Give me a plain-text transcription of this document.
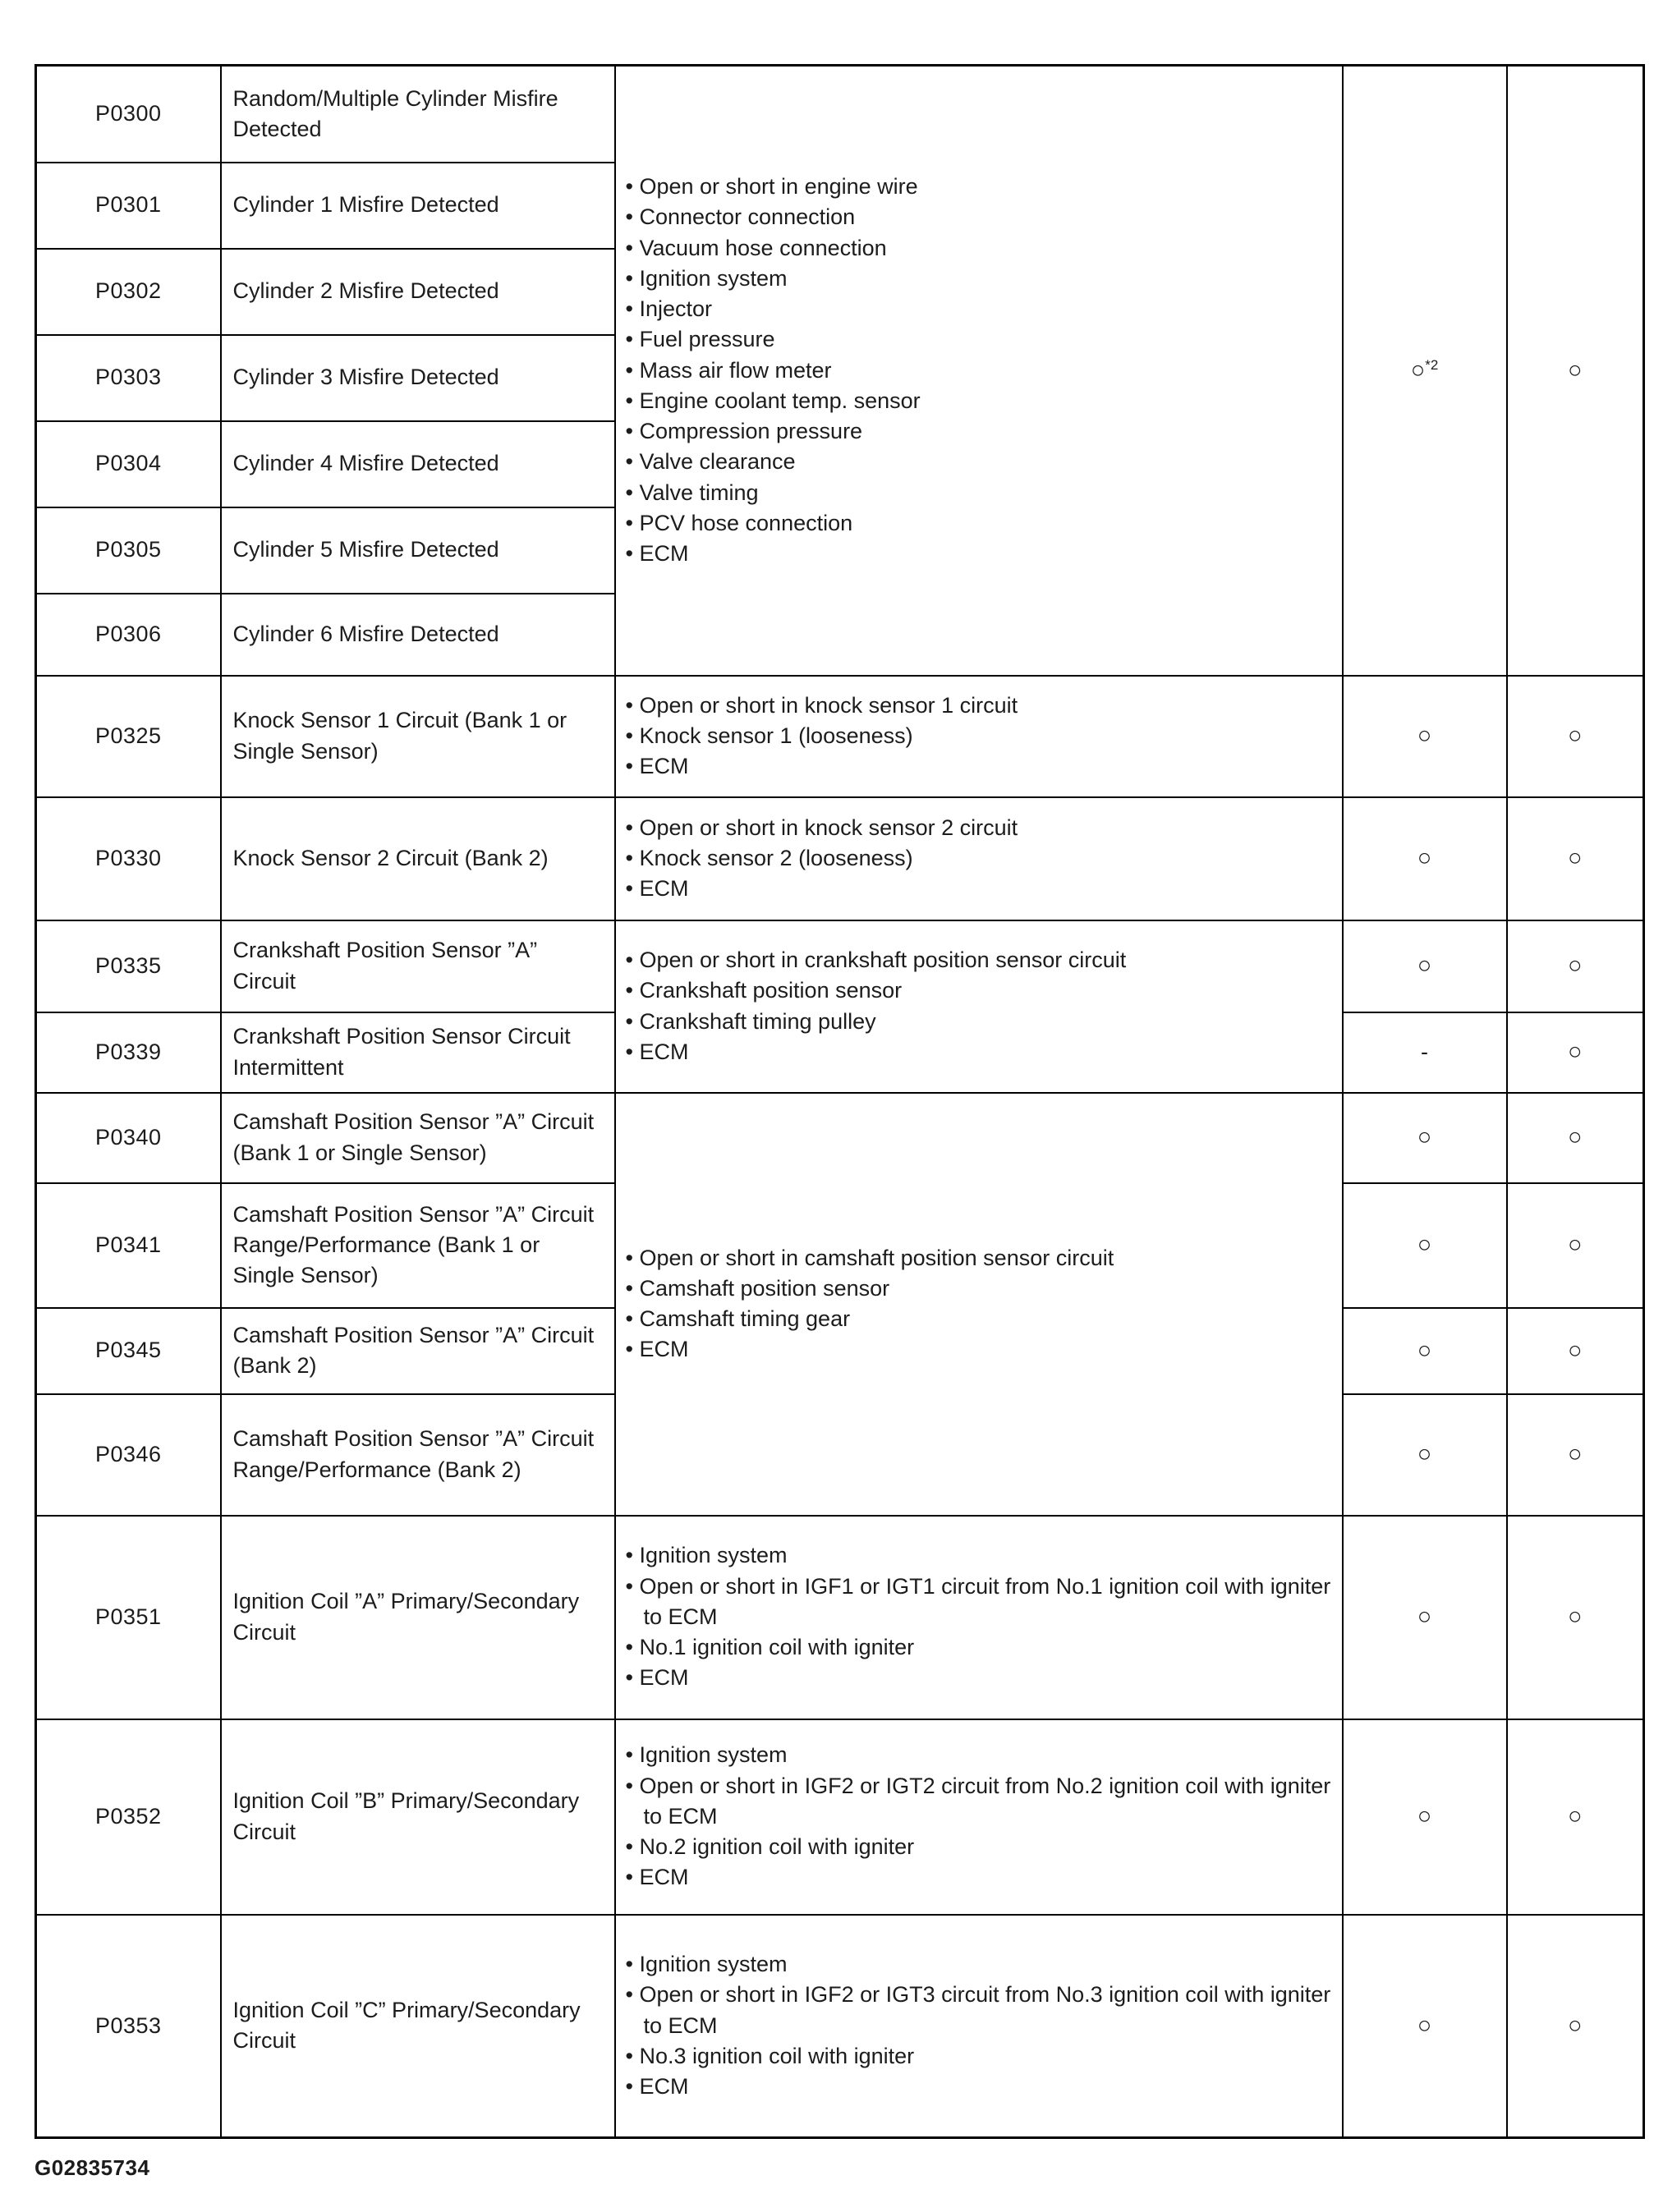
P0300	Random/Multiple Cylinder Misfire Detected	
• Open or short in engine wire
• Connector connection
• Vacuum hose connection
• Ignition system
• Injector
• Fuel pressure
• Mass air flow meter
• Engine coolant temp. sensor
• Compression pressure
• Valve clearance
• Valve timing
• PCV hose connection
• ECM
	○$^{*2}$	○
P0301	Cylinder 1 Misfire Detected			
P0302	Cylinder 2 Misfire Detected			
P0303	Cylinder 3 Misfire Detected			
P0304	Cylinder 4 Misfire Detected			
P0305	Cylinder 5 Misfire Detected			
P0306	Cylinder 6 Misfire Detected			
P0325	Knock Sensor 1 Circuit (Bank 1 or Single Sensor)	
• Open or short in knock sensor 1 circuit
• Knock sensor 1 (looseness)
• ECM
	○	○
P0330	Knock Sensor 2 Circuit (Bank 2)	
• Open or short in knock sensor 2 circuit
• Knock sensor 2 (looseness)
• ECM
	○	○
P0335	Crankshaft Position Sensor ”A” Circuit	
• Open or short in crankshaft position sensor circuit
• Crankshaft position sensor
• Crankshaft timing pulley
• ECM
	○	○
P0339	Crankshaft Position Sensor Circuit Intermittent		-	○
P0340	Camshaft Position Sensor ”A” Circuit (Bank 1 or Single Sensor)	
• Open or short in camshaft position sensor circuit
• Camshaft position sensor
• Camshaft timing gear
• ECM
	○	○
P0341	Camshaft Position Sensor ”A” Circuit Range/Performance (Bank 1 or Single Sensor)		○	○
P0345	Camshaft Position Sensor ”A” Circuit (Bank 2)		○	○
P0346	Camshaft Position Sensor ”A” Circuit Range/Performance (Bank 2)		○	○
P0351	Ignition Coil ”A” Primary/Secondary Circuit	
• Ignition system
• Open or short in IGF1 or IGT1 circuit from No.1 ignition coil with igniter to ECM
• No.1 ignition coil with igniter
• ECM
	○	○
P0352	Ignition Coil ”B” Primary/Secondary Circuit	
• Ignition system
• Open or short in IGF2 or IGT2 circuit from No.2 ignition coil with igniter to ECM
• No.2 ignition coil with igniter
• ECM
	○	○
P0353	Ignition Coil ”C” Primary/Secondary Circuit	
• Ignition system
• Open or short in IGF2 or IGT3 circuit from No.3 ignition coil with igniter to ECM
• No.3 ignition coil with igniter
• ECM
	○	○
G02835734
